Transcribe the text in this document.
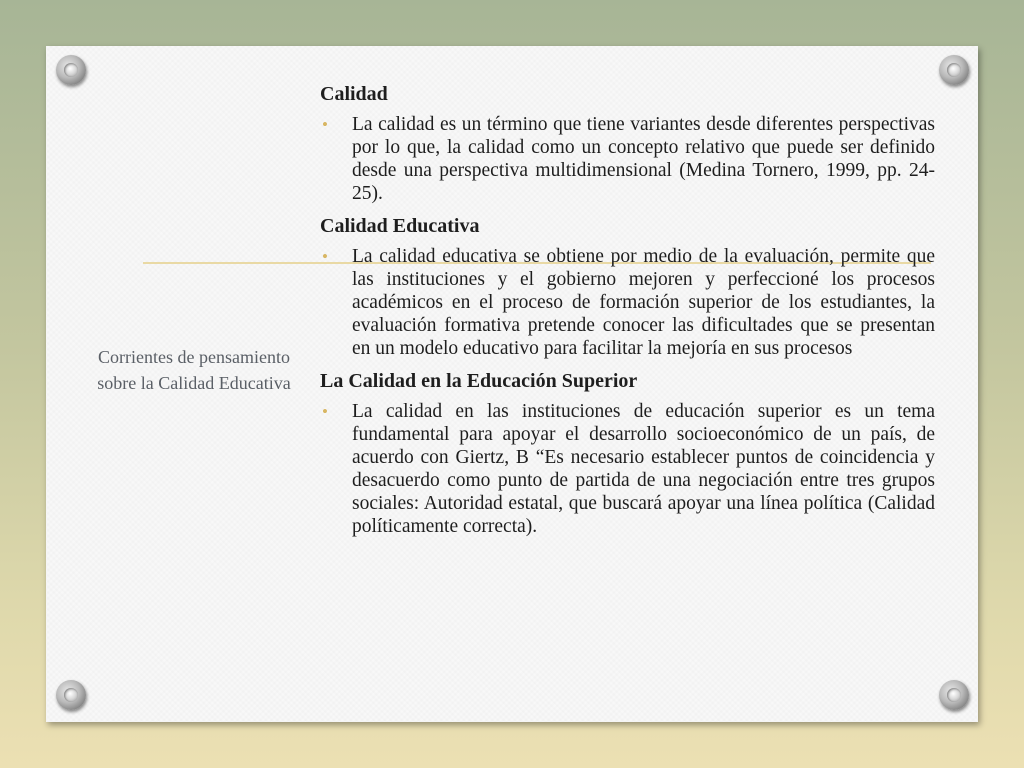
Corrientes de pensamiento sobre la Calidad Educativa

Calidad

• La calidad es un término que tiene variantes desde diferentes perspectivas por lo que, la calidad como un concepto relativo que puede ser definido desde una perspectiva multidimensional (Medina Tornero, 1999, pp. 24-25).

Calidad Educativa

• La calidad educativa se obtiene por medio de la evaluación, permite que las instituciones y el gobierno mejoren y perfeccioné los procesos académicos en el proceso de formación superior de los estudiantes, la evaluación formativa pretende conocer las dificultades que se presentan en un modelo educativo para facilitar la mejoría en sus procesos

La Calidad en la Educación Superior

• La calidad en las instituciones de educación superior es un tema fundamental para apoyar el desarrollo socioeconómico de un país, de acuerdo con Giertz, B “Es necesario establecer puntos de coincidencia y desacuerdo como punto de partida de una negociación entre tres grupos sociales: Autoridad estatal, que buscará apoyar una línea política (Calidad políticamente correcta).
